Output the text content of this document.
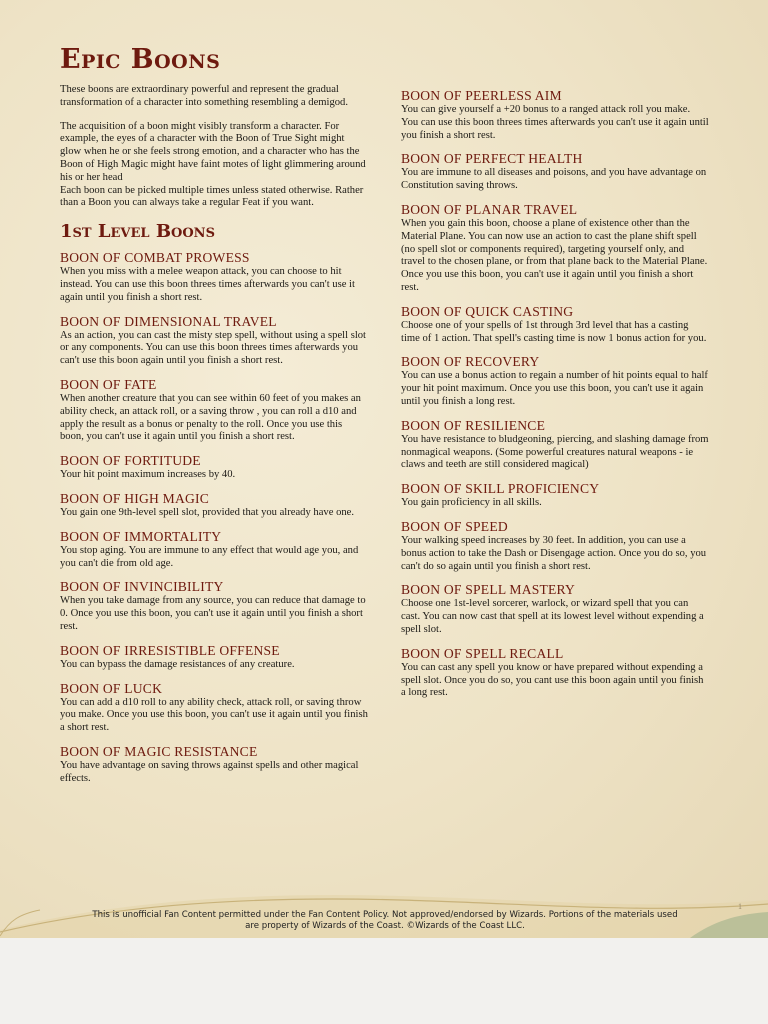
Epic Boons

These boons are extraordinary powerful and represent the gradual transformation of a character into something resembling a demigod.

The acquisition of a boon might visibly transform a character. For example, the eyes of a character with the Boon of True Sight might glow when he or she feels strong emotion, and a character who has the Boon of High Magic might have faint motes of light glimmering around his or her head

Each boon can be picked multiple times unless stated otherwise. Rather than a Boon you can always take a regular Feat if you want.

1st Level Boons
BOON OF COMBAT PROWESS

When you miss with a melee weapon attack, you can choose to hit instead. You can use this boon threes times afterwards you can't use it again until you finish a short rest.

BOON OF DIMENSIONAL TRAVEL

As an action, you can cast the misty step spell, without using a spell slot or any components. You can use this boon threes times afterwards you can't use this boon again until you finish a short rest.

BOON OF FATE

When another creature that you can see within 60 feet of you makes an ability check, an attack roll, or a saving throw , you can roll a d10 and apply the result as a bonus or penalty to the roll. Once you use this boon, you can't use it again until you finish a short rest.

BOON OF FORTITUDE

Your hit point maximum increases by 40.

BOON OF HIGH MAGIC

You gain one 9th-level spell slot, provided that you already have one.

BOON OF IMMORTALITY

You stop aging. You are immune to any effect that would age you, and you can't die from old age.

BOON OF INVINCIBILITY

When you take damage from any source, you can reduce that damage to 0. Once you use this boon, you can't use it again until you finish a short rest.

BOON OF IRRESISTIBLE OFFENSE

You can bypass the damage resistances of any creature.

BOON OF LUCK

You can add a d10 roll to any ability check, attack roll, or saving throw you make. Once you use this boon, you can't use it again until you finish a short rest.

BOON OF MAGIC RESISTANCE

You have advantage on saving throws against spells and other magical effects.

BOON OF PEERLESS AIM

You can give yourself a +20 bonus to a ranged attack roll you make. You can use this boon threes times afterwards you can't use it again until you finish a short rest.

BOON OF PERFECT HEALTH

You are immune to all diseases and poisons, and you have advantage on Constitution saving throws.

BOON OF PLANAR TRAVEL

When you gain this boon, choose a plane of existence other than the Material Plane. You can now use an action to cast the plane shift spell (no spell slot or components required), targeting yourself only, and travel to the chosen plane, or from that plane back to the Material Plane. Once you use this boon, you can't use it again until you finish a short rest.

BOON OF QUICK CASTING

Choose one of your spells of 1st through 3rd level that has a casting time of 1 action. That spell's casting time is now 1 bonus action for you.

BOON OF RECOVERY

You can use a bonus action to regain a number of hit points equal to half your hit point maximum. Once you use this boon, you can't use it again until you finish a long rest.

BOON OF RESILIENCE

You have resistance to bludgeoning, piercing, and slashing damage from nonmagical weapons. (Some powerful creatures natural weapons - ie claws and teeth are still considered magical)

BOON OF SKILL PROFICIENCY

You gain proficiency in all skills.

BOON OF SPEED

Your walking speed increases by 30 feet. In addition, you can use a bonus action to take the Dash or Disengage action. Once you do so, you can't do so again until you finish a short rest.

BOON OF SPELL MASTERY

Choose one 1st-level sorcerer, warlock, or wizard spell that you can cast. You can now cast that spell at its lowest level without expending a spell slot.

BOON OF SPELL RECALL

You can cast any spell you know or have prepared without expending a spell slot. Once you do so, you cant use this boon again until you finish a long rest.

This is unofficial Fan Content permitted under the Fan Content Policy. Not approved/endorsed by Wizards. Portions of the materials used
are property of Wizards of the Coast. ©Wizards of the Coast LLC.
1
